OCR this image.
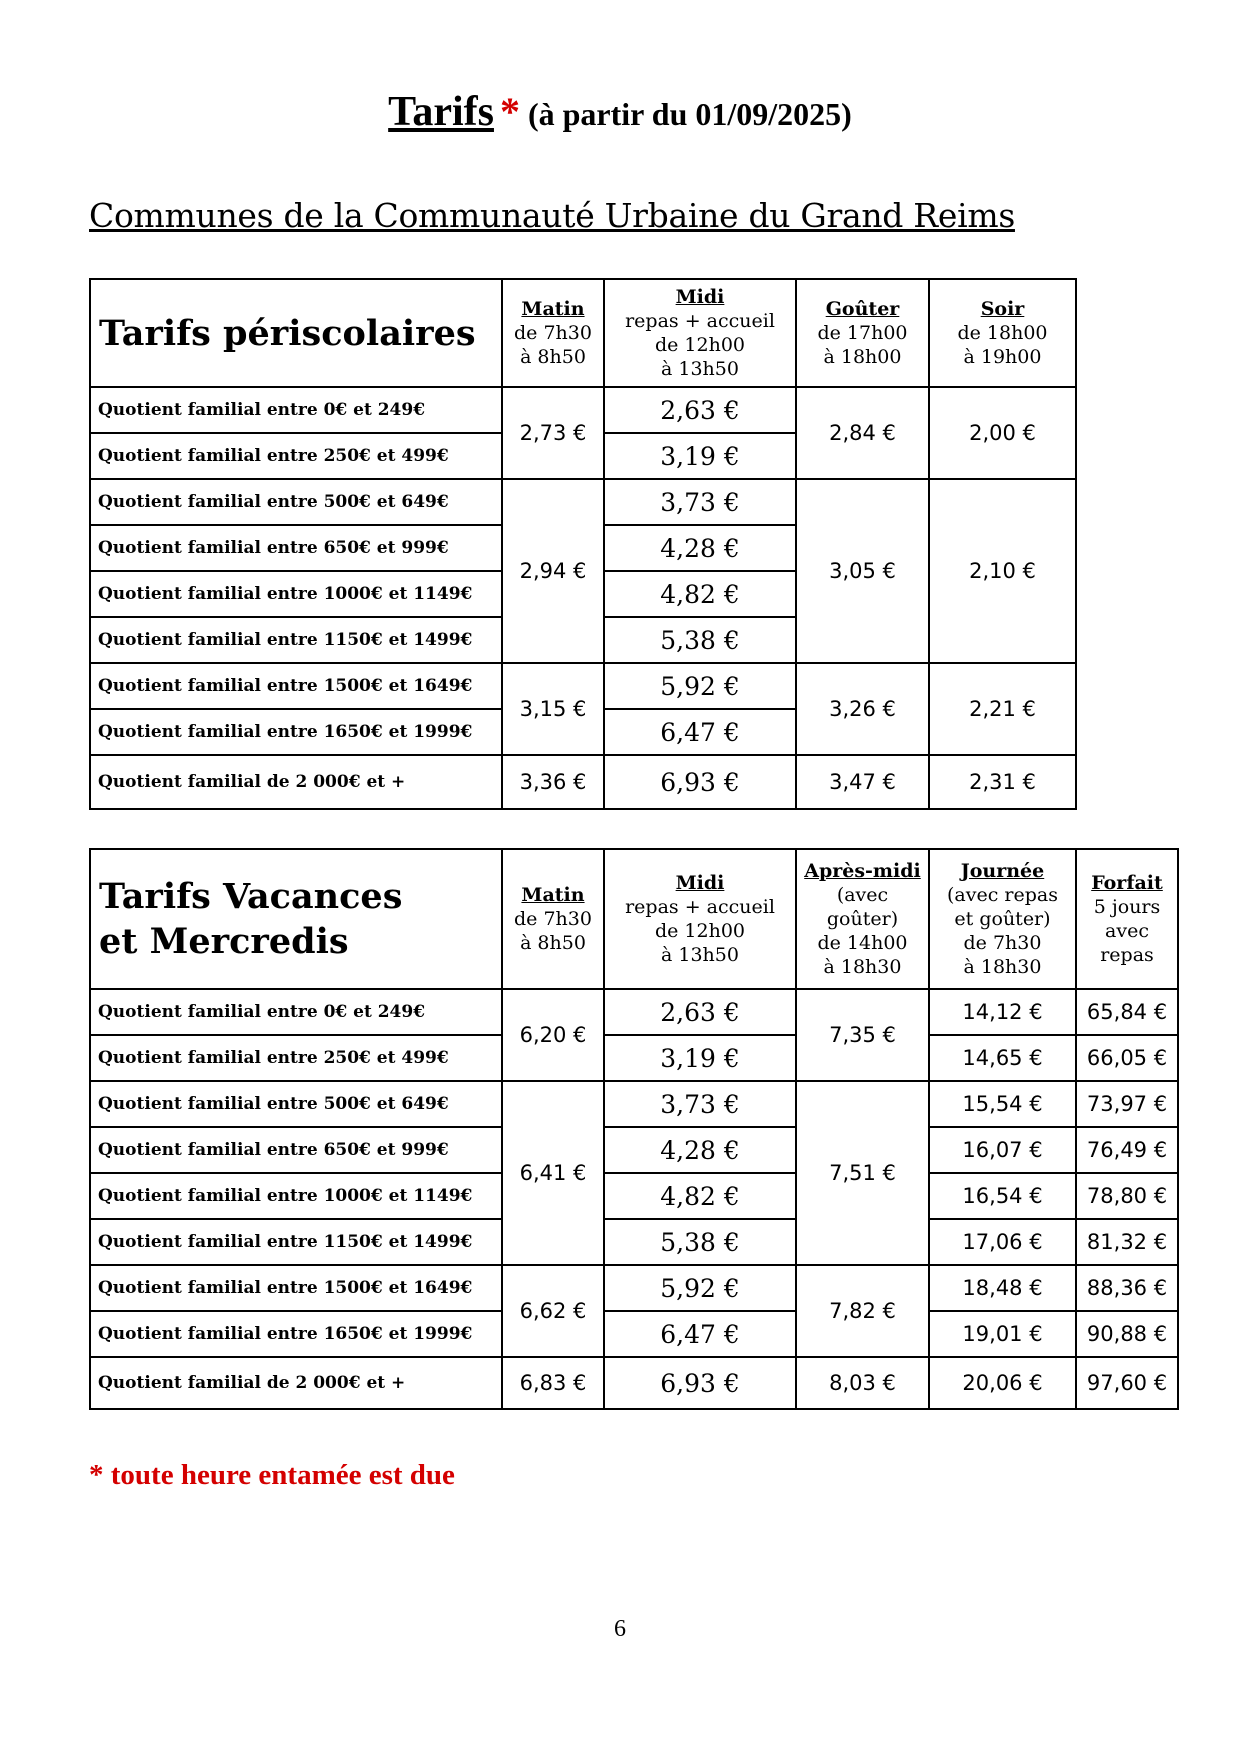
Tarifs * (à partir du 01/09/2025)
Communes de la Communauté Urbaine du Grand Reims
Tarifs périscolaires	Matin
de 7h30
à 8h50	Midi
repas + accueil
de 12h00
à 13h50	Goûter
de 17h00
à 18h00	Soir
de 18h00
à 19h00

Quotient familial entre 0€ et 249€	2,73 €	2,63 €	2,84 €	2,00 €
Quotient familial entre 250€ et 499€		3,19 €		
Quotient familial entre 500€ et 649€	2,94 €	3,73 €	3,05 €	2,10 €
Quotient familial entre 650€ et 999€		4,28 €		
Quotient familial entre 1000€ et 1149€		4,82 €		
Quotient familial entre 1150€ et 1499€		5,38 €		
Quotient familial entre 1500€ et 1649€	3,15 €	5,92 €	3,26 €	2,21 €
Quotient familial entre 1650€ et 1999€		6,47 €		
Quotient familial de 2 000€ et +	3,36 €	6,93 €	3,47 €	2,31 €
Tarifs Vacances
et Mercredis	Matin
de 7h30
à 8h50	Midi
repas + accueil
de 12h00
à 13h50	Après-midi
(avec
goûter)
de 14h00
à 18h30	Journée
(avec repas
et goûter)
de 7h30
à 18h30	Forfait
5 jours
avec
repas

Quotient familial entre 0€ et 249€	6,20 €	2,63 €	7,35 €	14,12 €	65,84 €
Quotient familial entre 250€ et 499€		3,19 €		14,65 €	66,05 €
Quotient familial entre 500€ et 649€	6,41 €	3,73 €	7,51 €	15,54 €	73,97 €
Quotient familial entre 650€ et 999€		4,28 €		16,07 €	76,49 €
Quotient familial entre 1000€ et 1149€		4,82 €		16,54 €	78,80 €
Quotient familial entre 1150€ et 1499€		5,38 €		17,06 €	81,32 €
Quotient familial entre 1500€ et 1649€	6,62 €	5,92 €	7,82 €	18,48 €	88,36 €
Quotient familial entre 1650€ et 1999€		6,47 €		19,01 €	90,88 €
Quotient familial de 2 000€ et +	6,83 €	6,93 €	8,03 €	20,06 €	97,60 €
* toute heure entamée est due
6
